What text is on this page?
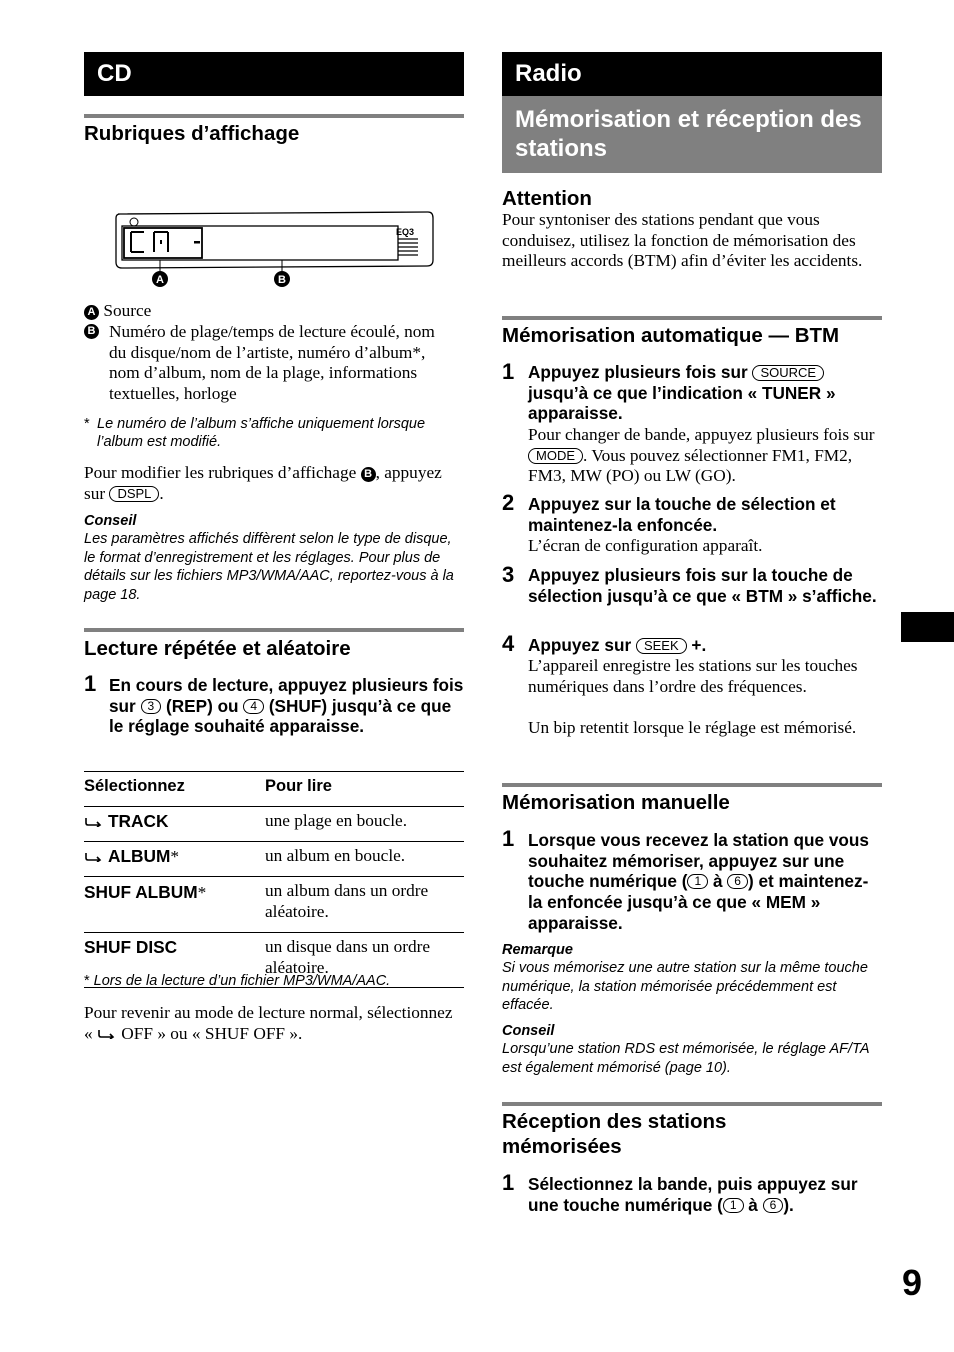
CD
Rubriques d’affichage
EQ3
A	B
A Source
B Numéro de plage/temps de lecture écoulé, nom du disque/nom de l’artiste, numéro d’album*, nom d’album, nom de la plage, informations textuelles, horloge
* Le numéro de l’album s’affiche uniquement lorsque l’album est modifié.
Pour modifier les rubriques d’affichage B , appuyez sur DSPL .
Conseil
Les paramètres affichés diffèrent selon le type de disque, le format d’enregistrement et les réglages. Pour plus de détails sur les fichiers MP3/WMA/AAC, reportez-vous à la page 18.
Lecture répétée et aléatoire
1 En cours de lecture, appuyez plusieurs fois sur 3 (REP) ou 4 (SHUF) jusqu’à ce que le réglage souhaité apparaisse.
Sélectionnez	Pour lire
TRACK	une plage en boucle.
ALBUM*	un album en boucle.
SHUF ALBUM*	un album dans un ordre aléatoire.
SHUF DISC	un disque dans un ordre aléatoire.
* Lors de la lecture d’un fichier MP3/WMA/AAC.
Pour revenir au mode de lecture normal, sélectionnez « OFF » ou « SHUF OFF ».
Radio
Mémorisation et réception des stations
Attention
Pour syntoniser des stations pendant que vous conduisez, utilisez la fonction de mémorisation des meilleurs accords (BTM) afin d’éviter les accidents.
Mémorisation automatique — BTM
1 Appuyez plusieurs fois sur SOURCE jusqu’à ce que l’indication « TUNER » apparaisse.
Pour changer de bande, appuyez plusieurs fois sur MODE . Vous pouvez sélectionner FM1, FM2, FM3, MW (PO) ou LW (GO).
2 Appuyez sur la touche de sélection et maintenez-la enfoncée.
L’écran de configuration apparaît.
3 Appuyez plusieurs fois sur la touche de sélection jusqu’à ce que « BTM » s’affiche.
4 Appuyez sur SEEK +.
L’appareil enregistre les stations sur les touches numériques dans l’ordre des fréquences.
Un bip retentit lorsque le réglage est mémorisé.
Mémorisation manuelle
1 Lorsque vous recevez la station que vous souhaitez mémoriser, appuyez sur une touche numérique ( 1 à 6 ) et maintenez-la enfoncée jusqu’à ce que « MEM » apparaisse.
Remarque
Si vous mémorisez une autre station sur la même touche numérique, la station mémorisée précédemment est effacée.
Conseil
Lorsqu’une station RDS est mémorisée, le réglage AF/TA est également mémorisé (page 10).
Réception des stations mémorisées
1 Sélectionnez la bande, puis appuyez sur une touche numérique ( 1 à 6 ).
9
